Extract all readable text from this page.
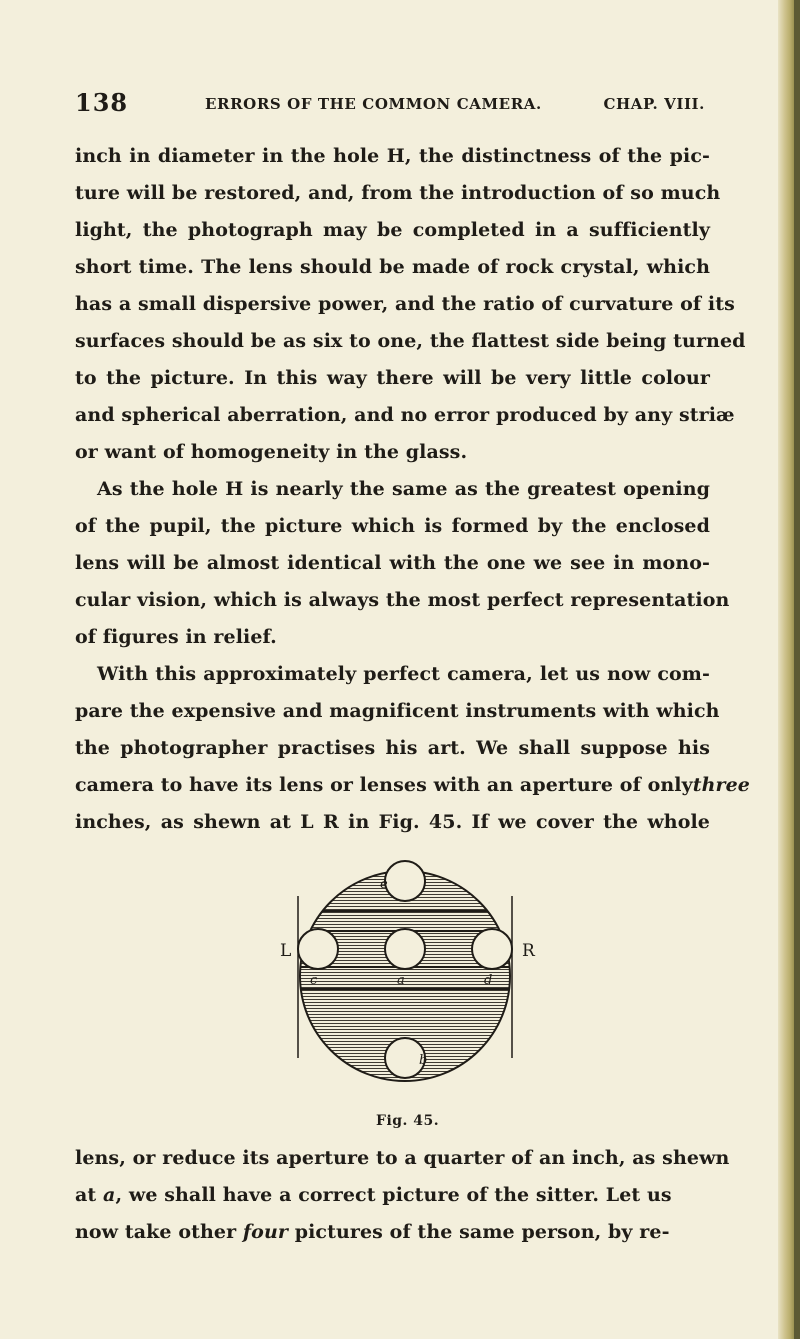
138	ERRORS OF THE COMMON CAMERA.	CHAP. VIII.
inch in diameter in the hole H, the distinctness of the pic-
ture will be restored, and, from the introduction of so much
light, the photograph may be completed in a sufficiently
short time. The lens should be made of rock crystal, which
has a small dispersive power, and the ratio of curvature of its
surfaces should be as six to one, the flattest side being turned
to the picture. In this way there will be very little colour
and spherical aberration, and no error produced by any striæ
or want of homogeneity in the glass.
As the hole H is nearly the same as the greatest opening
of the pupil, the picture which is formed by the enclosed
lens will be almost identical with the one we see in mono-
cular vision, which is always the most perfect representation
of figures in relief.
With this approximately perfect camera, let us now com-
pare the expensive and magnificent instruments with which
the photographer practises his art. We shall suppose his
camera to have its lens or lenses with an aperture of only three
inches, as shewn at L R in Fig. 45. If we cover the whole
L	R
e
a
c	d
b
Fig. 45.
lens, or reduce its aperture to a quarter of an inch, as shewn
at a, we shall have a correct picture of the sitter. Let us
now take other four pictures of the same person, by re-
